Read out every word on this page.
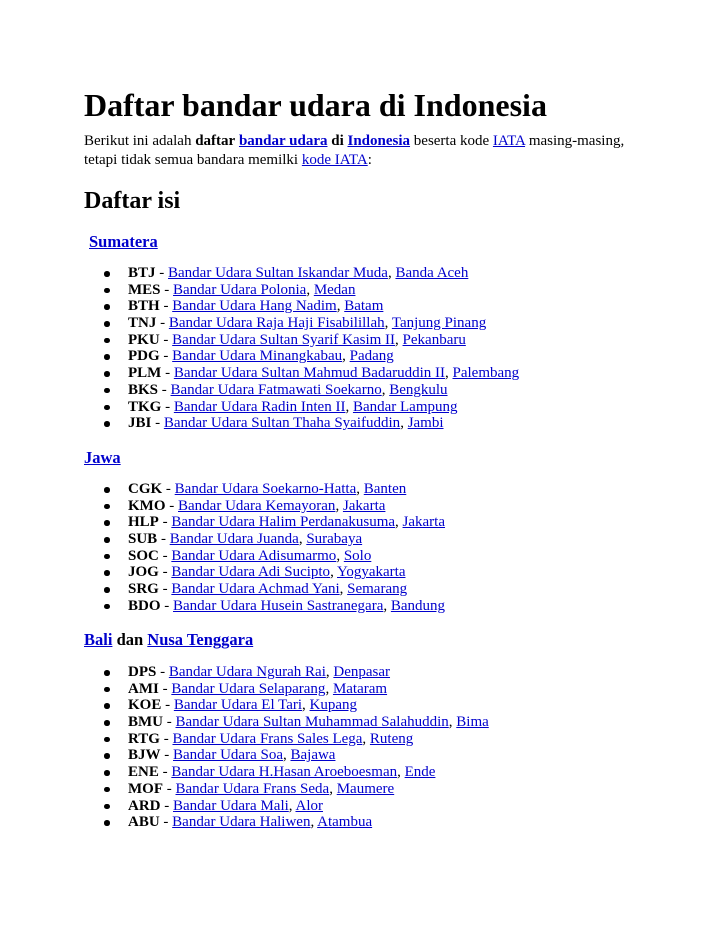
Daftar bandar udara di Indonesia

Berikut ini adalah daftar bandar udara di Indonesia beserta kode IATA masing-masing, tetapi tidak semua bandara memilki kode IATA:

Daftar isi
Sumatera
BTJ - Bandar Udara Sultan Iskandar Muda, Banda Aceh
MES - Bandar Udara Polonia, Medan
BTH - Bandar Udara Hang Nadim, Batam
TNJ - Bandar Udara Raja Haji Fisabilillah, Tanjung Pinang
PKU - Bandar Udara Sultan Syarif Kasim II, Pekanbaru
PDG - Bandar Udara Minangkabau, Padang
PLM - Bandar Udara Sultan Mahmud Badaruddin II, Palembang
BKS - Bandar Udara Fatmawati Soekarno, Bengkulu
TKG - Bandar Udara Radin Inten II, Bandar Lampung
JBI - Bandar Udara Sultan Thaha Syaifuddin, Jambi
Jawa
CGK - Bandar Udara Soekarno-Hatta, Banten
KMO - Bandar Udara Kemayoran, Jakarta
HLP - Bandar Udara Halim Perdanakusuma, Jakarta
SUB - Bandar Udara Juanda, Surabaya
SOC - Bandar Udara Adisumarmo, Solo
JOG - Bandar Udara Adi Sucipto, Yogyakarta
SRG - Bandar Udara Achmad Yani, Semarang
BDO - Bandar Udara Husein Sastranegara, Bandung
Bali dan Nusa Tenggara
DPS - Bandar Udara Ngurah Rai, Denpasar
AMI - Bandar Udara Selaparang, Mataram
KOE - Bandar Udara El Tari, Kupang
BMU - Bandar Udara Sultan Muhammad Salahuddin, Bima
RTG - Bandar Udara Frans Sales Lega, Ruteng
BJW - Bandar Udara Soa, Bajawa
ENE - Bandar Udara H.Hasan Aroeboesman, Ende
MOF - Bandar Udara Frans Seda, Maumere
ARD - Bandar Udara Mali, Alor
ABU - Bandar Udara Haliwen, Atambua
